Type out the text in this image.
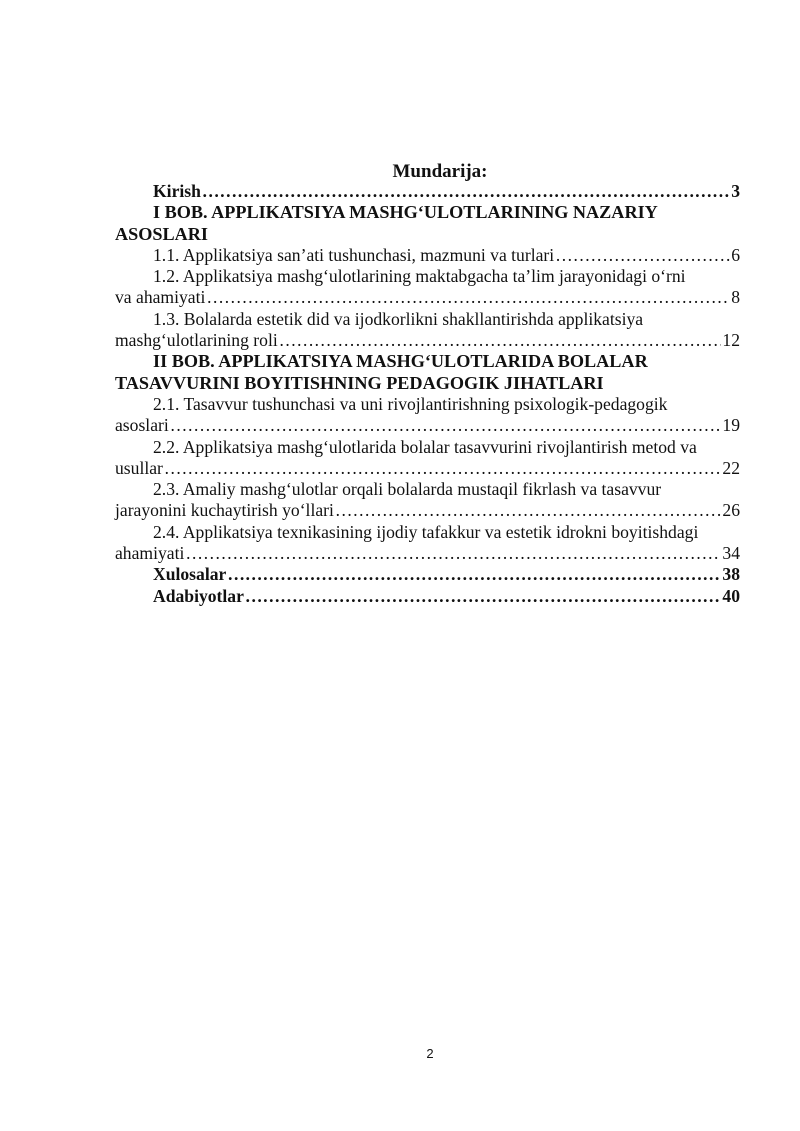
Mundarija:
Kirish …………………………………………………………………………………………………………………………………………………………………………	3
I BOB. APPLIKATSIYA MASHG‘ULOTLARINING NAZARIY
ASOSLARI
1.1. Applikatsiya san’ati tushunchasi, mazmuni va turlari …………………………………………………………………………………………………………………………………………………………………………	6
1.2. Applikatsiya mashg‘ulotlarining maktabgacha ta’lim jarayonidagi o‘rni
va ahamiyati …………………………………………………………………………………………………………………………………………………………………………	8
1.3. Bolalarda estetik did va ijodkorlikni shakllantirishda applikatsiya
mashg‘ulotlarining roli …………………………………………………………………………………………………………………………………………………………………………	12
II BOB. APPLIKATSIYA MASHG‘ULOTLARIDA BOLALAR
TASAVVURINI BOYITISHNING PEDAGOGIK JIHATLARI
2.1. Tasavvur tushunchasi va uni rivojlantirishning psixologik-pedagogik
asoslari …………………………………………………………………………………………………………………………………………………………………………	19
2.2. Applikatsiya mashg‘ulotlarida bolalar tasavvurini rivojlantirish metod va
usullar …………………………………………………………………………………………………………………………………………………………………………	22
2.3. Amaliy mashg‘ulotlar orqali bolalarda mustaqil fikrlash va tasavvur
jarayonini kuchaytirish yo‘llari …………………………………………………………………………………………………………………………………………………………………………	26
2.4. Applikatsiya texnikasining ijodiy tafakkur va estetik idrokni boyitishdagi
ahamiyati …………………………………………………………………………………………………………………………………………………………………………	34
Xulosalar …………………………………………………………………………………………………………………………………………………………………………	38
Adabiyotlar …………………………………………………………………………………………………………………………………………………………………………	40
2
